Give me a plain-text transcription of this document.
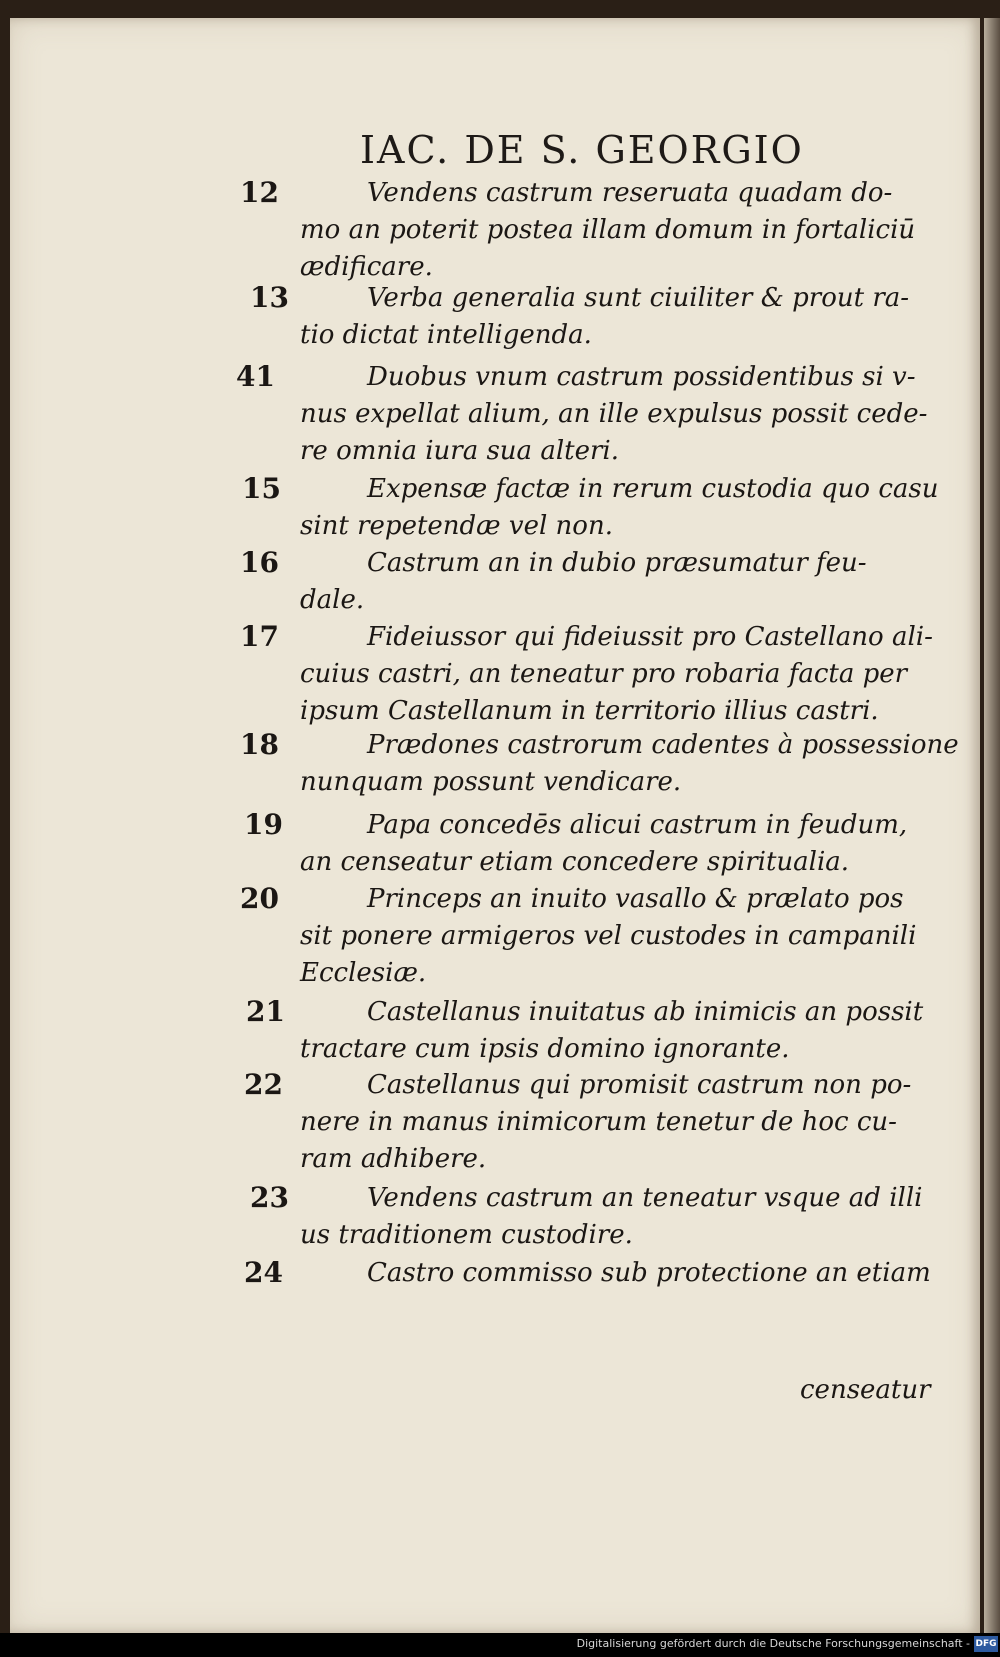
IAC. DE S. GEORGIO
12	Vendens castrum reseruata quadam do-
mo an poterit postea illam domum in fortaliciū
ædificare.
13	Verba generalia sunt ciuiliter & prout ra-
tio dictat intelligenda.
41	Duobus vnum castrum possidentibus si v-
nus expellat alium, an ille expulsus possit cede-
re omnia iura sua alteri.
15	Expensæ factæ in rerum custodia quo casu
sint repetendæ vel non.
16	Castrum an in dubio præsumatur feu-
dale.
17	Fideiussor qui fideiussit pro Castellano ali-
cuius castri, an teneatur pro robaria facta per
ipsum Castellanum in territorio illius castri.
18	Prædones castrorum cadentes à possessione
nunquam possunt vendicare.
19	Papa concedēs alicui castrum in feudum,
an censeatur etiam concedere spiritualia.
20	Princeps an inuito vasallo & prælato pos
sit ponere armigeros vel custodes in campanili
Ecclesiæ.
21	Castellanus inuitatus ab inimicis an possit
tractare cum ipsis domino ignorante.
22	Castellanus qui promisit castrum non po-
nere in manus inimicorum tenetur de hoc cu-
ram adhibere.
23	Vendens castrum an teneatur vsque ad illi
us traditionem custodire.
24	Castro commisso sub protectione an etiam
censeatur
Digitalisierung gefördert durch die Deutsche Forschungsgemeinschaft - DFG
